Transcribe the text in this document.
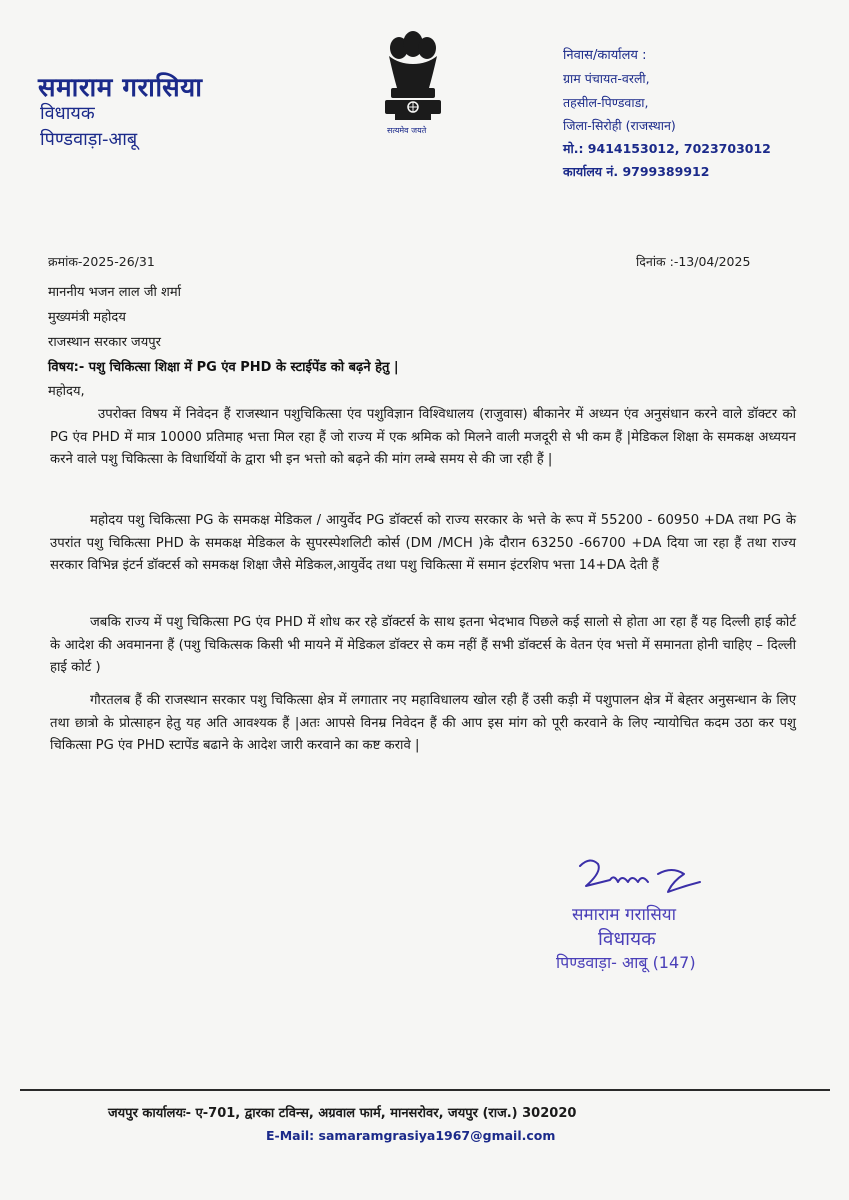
समाराम गरासिया
विधायक
पिण्डवाड़ा-आबू	सत्यमेव जयते
निवास/कार्यालय :
ग्राम पंचायत-वरली,
तहसील-पिण्डवाडा,
जिला-सिरोही (राजस्थान)
मो.: 9414153012, 7023703012
कार्यालय नं. 9799389912
क्रमांक-2025-26/31	दिनांक :-13/04/2025
माननीय भजन लाल जी शर्मा
मुख्यमंत्री महोदय
राजस्थान सरकार जयपुर
विषय:- पशु चिकित्सा शिक्षा में PG एंव PHD के स्टाईपेंड को बढ़ने हेतु |
महोदय,
उपरोक्त विषय में निवेदन हैं राजस्थान पशुचिकित्सा एंव पशुविज्ञान विश्विधालय (राजुवास) बीकानेर में अध्यन एंव अनुसंधान करने वाले डॉक्टर को PG एंव PHD में मात्र 10000 प्रतिमाह भत्ता मिल रहा हैं जो राज्य में एक श्रमिक को मिलने वाली मजदूरी से भी कम हैं |मेडिकल शिक्षा के समकक्ष अध्ययन करने वाले पशु चिकित्सा के विधार्थियों के द्वारा भी इन भत्तो को बढ़ने की मांग लम्बे समय से की जा रही हैं |
महोदय पशु चिकित्सा PG के समकक्ष मेडिकल / आयुर्वेद PG डॉक्टर्स को राज्य सरकार के भत्ते के रूप में 55200 - 60950 +DA तथा PG के उपरांत पशु चिकित्सा PHD के समकक्ष मेडिकल के सुपरस्पेशलिटी कोर्स (DM /MCH )के दौरान 63250 -66700 +DA दिया जा रहा हैं तथा राज्य सरकार विभिन्न इंटर्न डॉक्टर्स को समकक्ष शिक्षा जैसे मेडिकल,आयुर्वेद तथा पशु चिकित्सा में समान इंटरशिप भत्ता 14+DA देती हैं
जबकि राज्य में पशु चिकित्सा PG एंव PHD में शोध कर रहे डॉक्टर्स के साथ इतना भेदभाव पिछले कई सालो से होता आ रहा हैं यह दिल्ली हाई कोर्ट के आदेश की अवमानना हैं (पशु चिकित्सक किसी भी मायने में मेडिकल डॉक्टर से कम नहीं हैं सभी डॉक्टर्स के वेतन एंव भत्तो में समानता होनी चाहिए – दिल्ली हाई कोर्ट )
गौरतलब हैं की राजस्थान सरकार पशु चिकित्सा क्षेत्र में लगातार नए महाविधालय खोल रही हैं उसी कड़ी में पशुपालन क्षेत्र में बेह्तर अनुसन्धान के लिए तथा छात्रो के प्रोत्साहन हेतु यह अति आवश्यक हैं |अतः आपसे विनम्र निवेदन हैं की आप इस मांग को पूरी करवाने के लिए न्यायोचित कदम उठा कर पशु चिकित्सा PG एंव PHD स्टापेंड बढाने के आदेश जारी करवाने का कष्ट करावे |
समाराम गरासिया
विधायक
पिण्डवाड़ा- आबू (147)
जयपुर कार्यालयः- ए-701, द्वारका टविन्स, अग्रवाल फार्म, मानसरोवर, जयपुर (राज.) 302020
E-Mail: samaramgrasiya1967@gmail.com
